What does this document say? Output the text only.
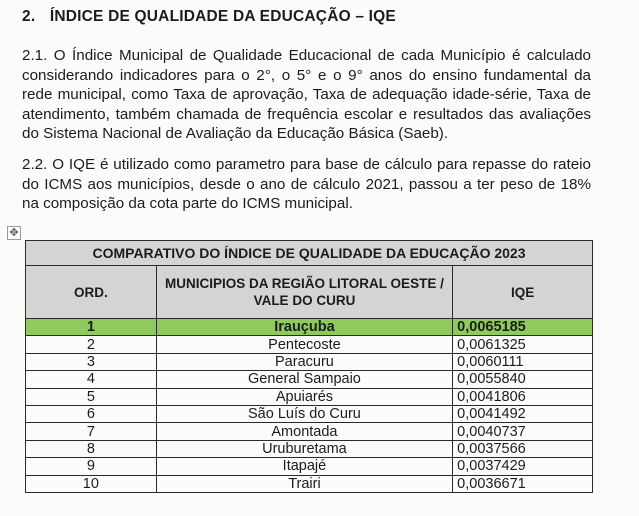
2. ÍNDICE DE QUALIDADE DA EDUCAÇÃO – IQE

2.1. O Índice Municipal de Qualidade Educacional de cada Município é calculado considerando indicadores para o 2°, o 5° e o 9° anos do ensino fundamental da rede municipal, como Taxa de aprovação, Taxa de adequação idade-série, Taxa de atendimento, também chamada de frequência escolar e resultados das avaliações do Sistema Nacional de Avaliação da Educação Básica (Saeb).

2.2. O IQE é utilizado como parametro para base de cálculo para repasse do rateio do ICMS aos municípios, desde o ano de cálculo 2021, passou a ter peso de 18% na composição da cota parte do ICMS municipal.

✥
COMPARATIVO DO ÍNDICE DE QUALIDADE DA EDUCAÇÃO 2023		
ORD.	MUNICIPIOS DA REGIÃO LITORAL OESTE / VALE DO CURU	IQE
1	Irauçuba	0,0065185
2	Pentecoste	0,0061325
3	Paracuru	0,0060111
4	General Sampaio	0,0055840
5	Apuiarés	0,0041806
6	São Luís do Curu	0,0041492
7	Amontada	0,0040737
8	Uruburetama	0,0037566
9	Itapajé	0,0037429
10	Trairi	0,0036671
